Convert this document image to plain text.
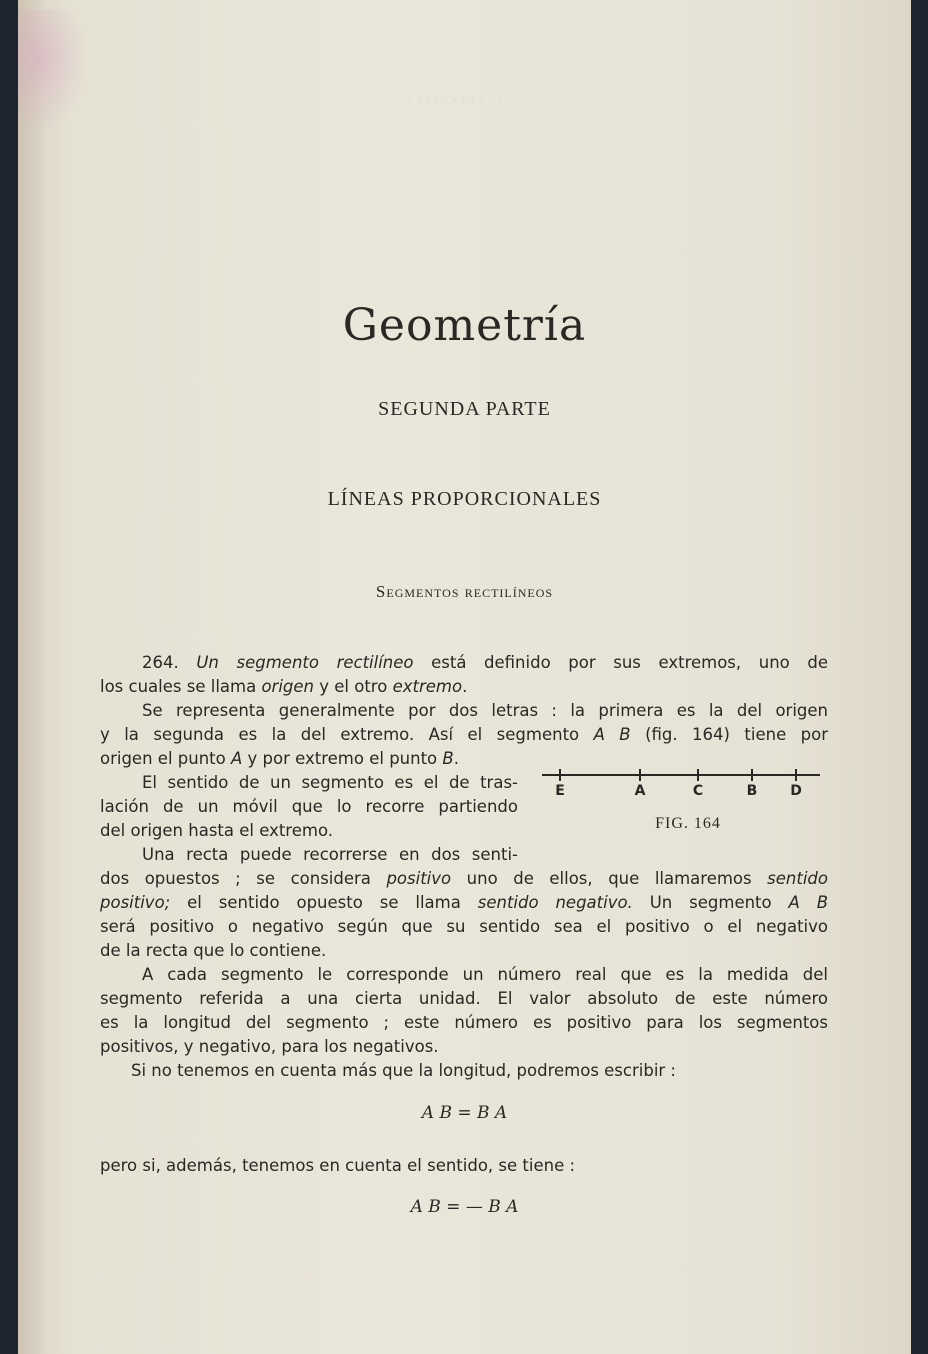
· · · · · · · · · · ·
Geometría
SEGUNDA PARTE
LÍNEAS PROPORCIONALES
Segmentos rectilíneos
264. Un segmento rectilíneo está definido por sus extremos, uno de
los cuales se llama origen y el otro extremo.
Se representa generalmente por dos letras : la primera es la del origen
y la segunda es la del extremo. Así el segmento A B (fig. 164) tiene por
origen el punto A y por extremo el punto B.
El sentido de un segmento es el de tras-
lación de un móvil que lo recorre partiendo
del origen hasta el extremo.
Una recta puede recorrerse en dos senti-
dos opuestos ; se considera positivo uno de ellos, que llamaremos sentido
positivo; el sentido opuesto se llama sentido negativo. Un segmento A B
será positivo o negativo según que su sentido sea el positivo o el negativo
de la recta que lo contiene.
A cada segmento le corresponde un número real que es la medida del
segmento referida a una cierta unidad. El valor absoluto de este número
es la longitud del segmento ; este número es positivo para los segmentos
positivos, y negativo, para los negativos.
Si no tenemos en cuenta más que la longitud, podremos escribir :
A B = B A
pero si, además, tenemos en cuenta el sentido, se tiene :
A B = — B A
E	A	C	B D
FIG. 164
